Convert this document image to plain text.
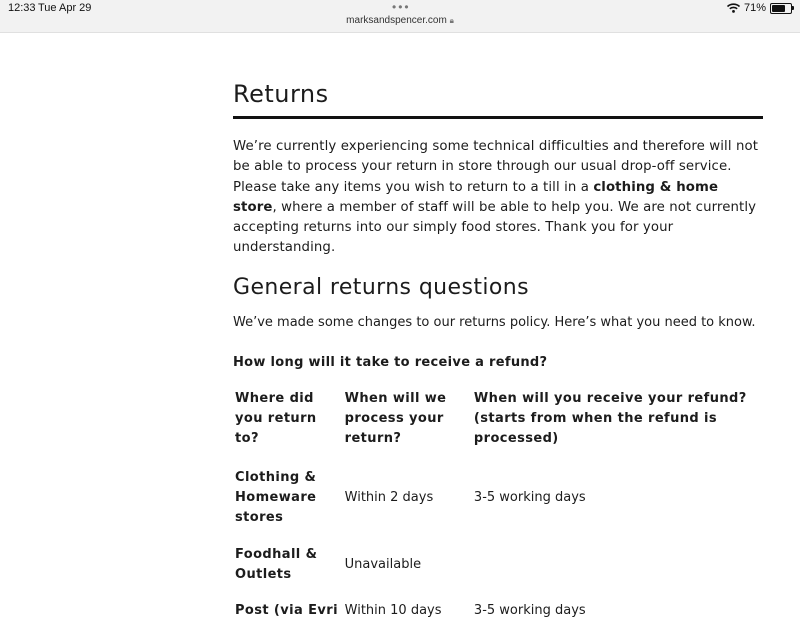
12:33 Tue Apr 29	•••
marksandspencer.com 🔒︎
71%
Returns

We’re currently experiencing some technical difficulties and therefore will not be able to process your return in store through our usual drop-off service. Please take any items you wish to return to a till in a clothing & home store, where a member of staff will be able to help you. We are not currently accepting returns into our simply food stores. Thank you for your understanding.

General returns questions

We’ve made some changes to our returns policy. Here’s what you need to know.

How long will it take to receive a refund?

Where did you return to?	When will we process your return?	When will you receive your refund? (starts from when the refund is processed)
Clothing & Homeware stores	Within 2 days	3-5 working days
Foodhall & Outlets	Unavailable	
Post (via Evri	Within 10 days	3-5 working days
